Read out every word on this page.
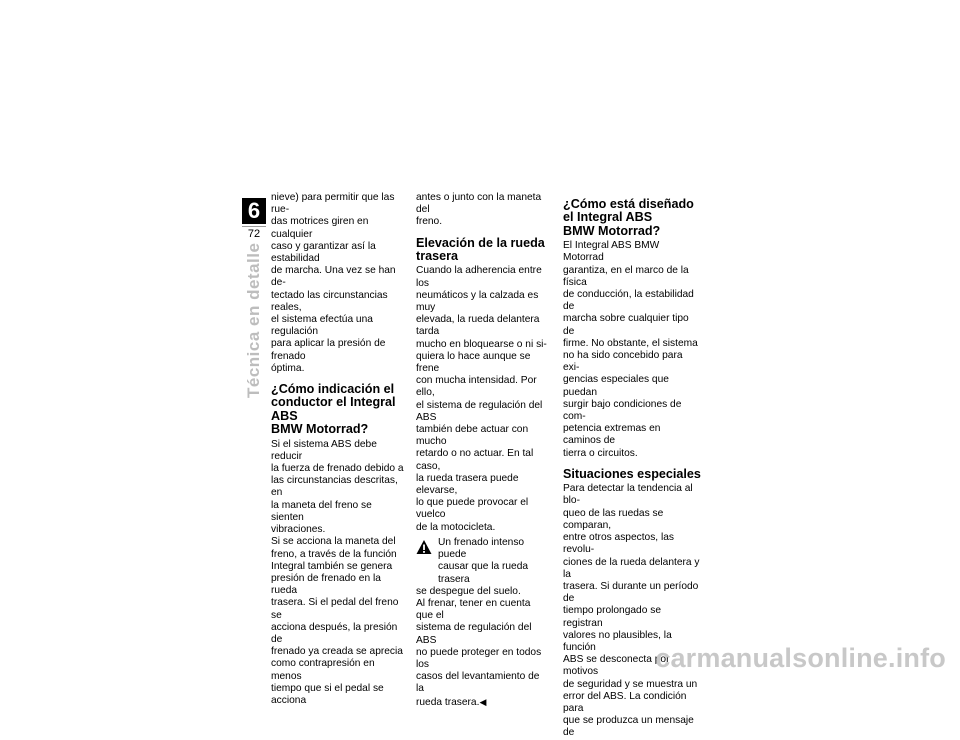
6
72
Técnica en detalle

nieve) para permitir que las rue-
das motrices giren en cualquier
caso y garantizar así la estabilidad
de marcha. Una vez se han de-
tectado las circunstancias reales,
el sistema efectúa una regulación
para aplicar la presión de frenado
óptima.

¿Cómo indicación el
conductor el Integral ABS
BMW Motorrad?

Si el sistema ABS debe reducir
la fuerza de frenado debido a
las circunstancias descritas, en
la maneta del freno se sienten
vibraciones.

Si se acciona la maneta del
freno, a través de la función
Integral también se genera
presión de frenado en la rueda
trasera. Si el pedal del freno se
acciona después, la presión de
frenado ya creada se aprecia
como contrapresión en menos
tiempo que si el pedal se acciona

antes o junto con la maneta del
freno.

Elevación de la rueda
trasera

Cuando la adherencia entre los
neumáticos y la calzada es muy
elevada, la rueda delantera tarda
mucho en bloquearse o ni si-
quiera lo hace aunque se frene
con mucha intensidad. Por ello,
el sistema de regulación del ABS
también debe actuar con mucho
retardo o no actuar. En tal caso,
la rueda trasera puede elevarse,
lo que puede provocar el vuelco
de la motocicleta.

Un frenado intenso puede
causar que la rueda trasera

se despegue del suelo.

Al frenar, tener en cuenta que el
sistema de regulación del ABS
no puede proteger en todos los
casos del levantamiento de la
rueda trasera.◀

¿Cómo está diseñado
el Integral ABS
BMW Motorrad?

El Integral ABS BMW Motorrad
garantiza, en el marco de la física
de conducción, la estabilidad de
marcha sobre cualquier tipo de
firme. No obstante, el sistema
no ha sido concebido para exi-
gencias especiales que puedan
surgir bajo condiciones de com-
petencia extremas en caminos de
tierra o circuitos.

Situaciones especiales

Para detectar la tendencia al blo-
queo de las ruedas se comparan,
entre otros aspectos, las revolu-
ciones de la rueda delantera y la
trasera. Si durante un período de
tiempo prolongado se registran
valores no plausibles, la función
ABS se desconecta por motivos
de seguridad y se muestra un
error del ABS. La condición para
que se produzca un mensaje de

carmanualsonline.info
